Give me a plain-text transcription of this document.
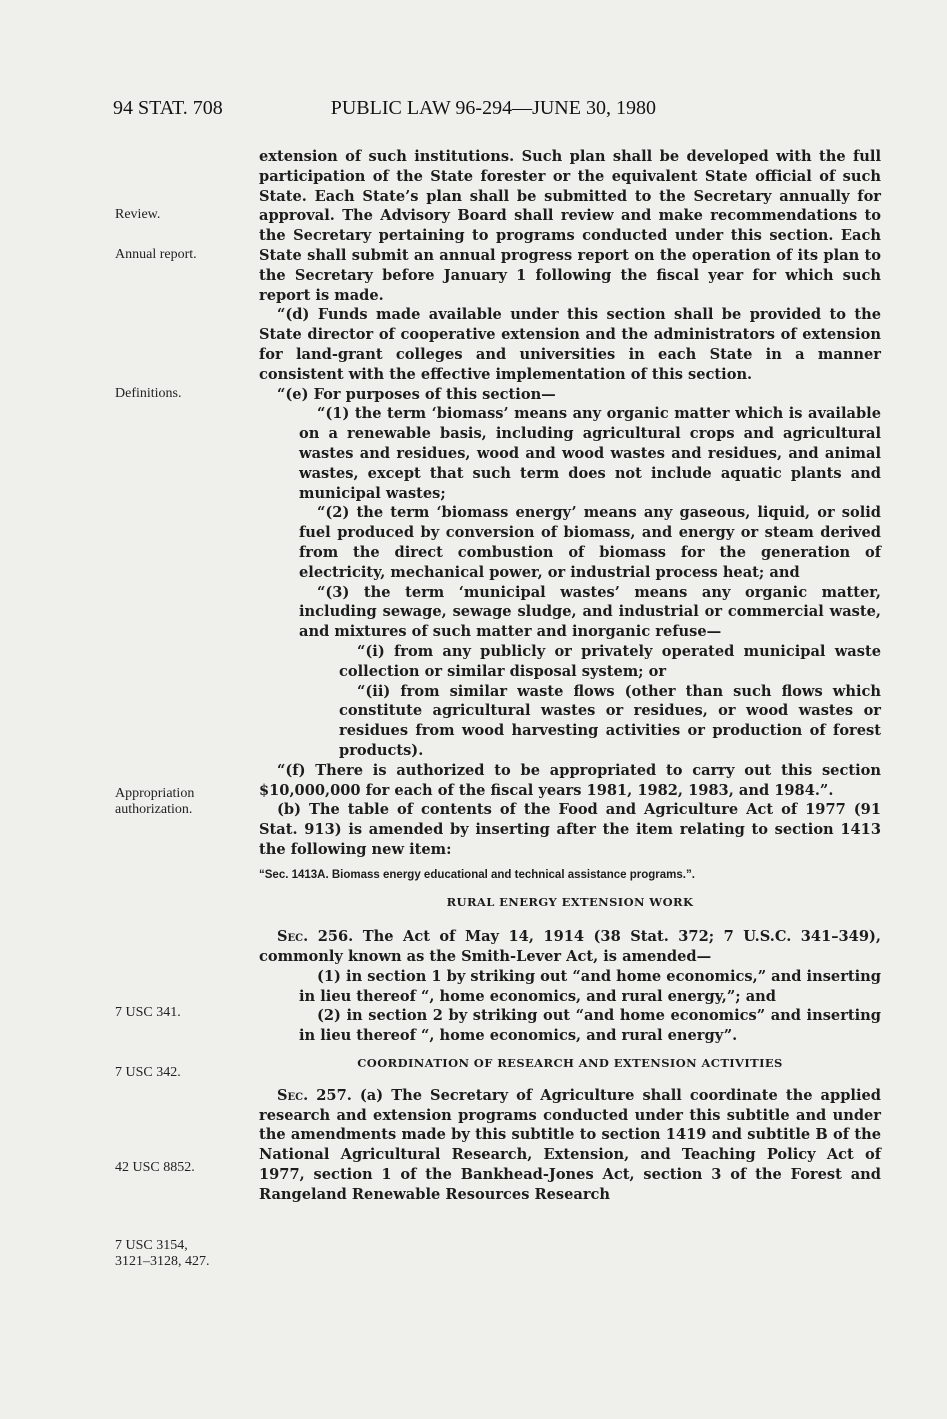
94 STAT. 708	PUBLIC LAW 96-294—JUNE 30, 1980
Review.
Annual report.
Definitions.
Appropriation
authorization.
7 USC 341.
7 USC 342.
42 USC 8852.
7 USC 3154,
3121–3128, 427.

extension of such institutions. Such plan shall be developed with the full participation of the State forester or the equivalent State official of such State. Each State’s plan shall be submitted to the Secretary annually for approval. The Advisory Board shall review and make recommendations to the Secretary pertaining to programs conducted under this section. Each State shall submit an annual progress report on the operation of its plan to the Secretary before January 1 following the fiscal year for which such report is made.

“(d) Funds made available under this section shall be provided to the State director of cooperative extension and the administrators of extension for land-grant colleges and universities in each State in a manner consistent with the effective implementation of this section.

“(e) For purposes of this section—

“(1) the term ‘biomass’ means any organic matter which is available on a renewable basis, including agricultural crops and agricultural wastes and residues, wood and wood wastes and residues, and animal wastes, except that such term does not include aquatic plants and municipal wastes;

“(2) the term ‘biomass energy’ means any gaseous, liquid, or solid fuel produced by conversion of biomass, and energy or steam derived from the direct combustion of biomass for the generation of electricity, mechanical power, or industrial process heat; and

“(3) the term ‘municipal wastes’ means any organic matter, including sewage, sewage sludge, and industrial or commercial waste, and mixtures of such matter and inorganic refuse—

“(i) from any publicly or privately operated municipal waste collection or similar disposal system; or

“(ii) from similar waste flows (other than such flows which constitute agricultural wastes or residues, or wood wastes or residues from wood harvesting activities or production of forest products).

“(f) There is authorized to be appropriated to carry out this section $10,000,000 for each of the fiscal years 1981, 1982, 1983, and 1984.”.

(b) The table of contents of the Food and Agriculture Act of 1977 (91 Stat. 913) is amended by inserting after the item relating to section 1413 the following new item:

“Sec. 1413A. Biomass energy educational and technical assistance programs.”.

RURAL ENERGY EXTENSION WORK

Sec. 256. The Act of May 14, 1914 (38 Stat. 372; 7 U.S.C. 341–349), commonly known as the Smith-Lever Act, is amended—

(1) in section 1 by striking out “and home economics,” and inserting in lieu thereof “, home economics, and rural energy,”; and

(2) in section 2 by striking out “and home economics” and inserting in lieu thereof “, home economics, and rural energy”.

COORDINATION OF RESEARCH AND EXTENSION ACTIVITIES

Sec. 257. (a) The Secretary of Agriculture shall coordinate the applied research and extension programs conducted under this subtitle and under the amendments made by this subtitle to section 1419 and subtitle B of the National Agricultural Research, Extension, and Teaching Policy Act of 1977, section 1 of the Bankhead-Jones Act, section 3 of the Forest and Rangeland Renewable Resources Research
